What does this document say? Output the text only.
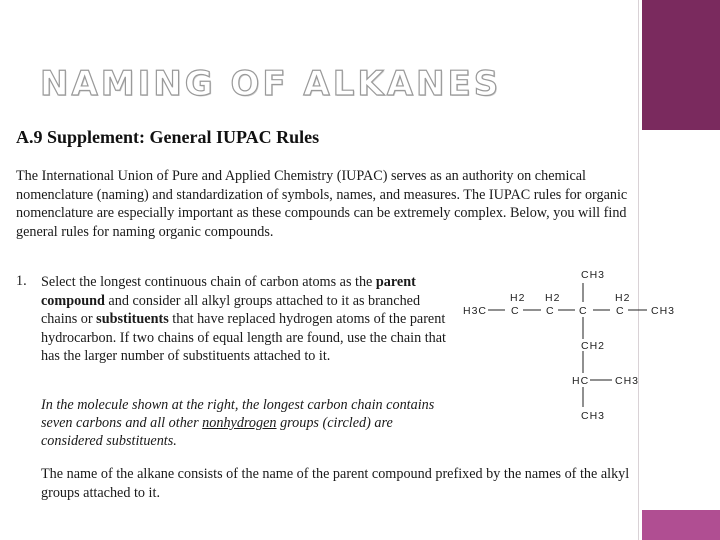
NAMING OF ALKANES
A.9 Supplement: General IUPAC Rules

The International Union of Pure and Applied Chemistry (IUPAC) serves as an authority on chemical nomenclature (naming) and standardization of symbols, names, and measures. The IUPAC rules for organic nomenclature are especially important as these compounds can be extremely complex. Below, you will find general rules for naming organic compounds.

1. Select the longest continuous chain of carbon atoms as the parent compound and consider all alkyl groups attached to it as branched chains or substituents that have replaced hydrogen atoms of the parent hydrocarbon. If two chains of equal length are found, use the chain that has the larger number of substituents attached to it.

In the molecule shown at the right, the longest carbon chain contains seven carbons and all other nonhydrogen groups (circled) are considered substituents.

The name of the alkane consists of the name of the parent compound prefixed by the names of the alkyl groups attached to it.

H3C
H2
C
H2
C C
H2
C	CH3
CH3
CH2
HC CH3
CH3
